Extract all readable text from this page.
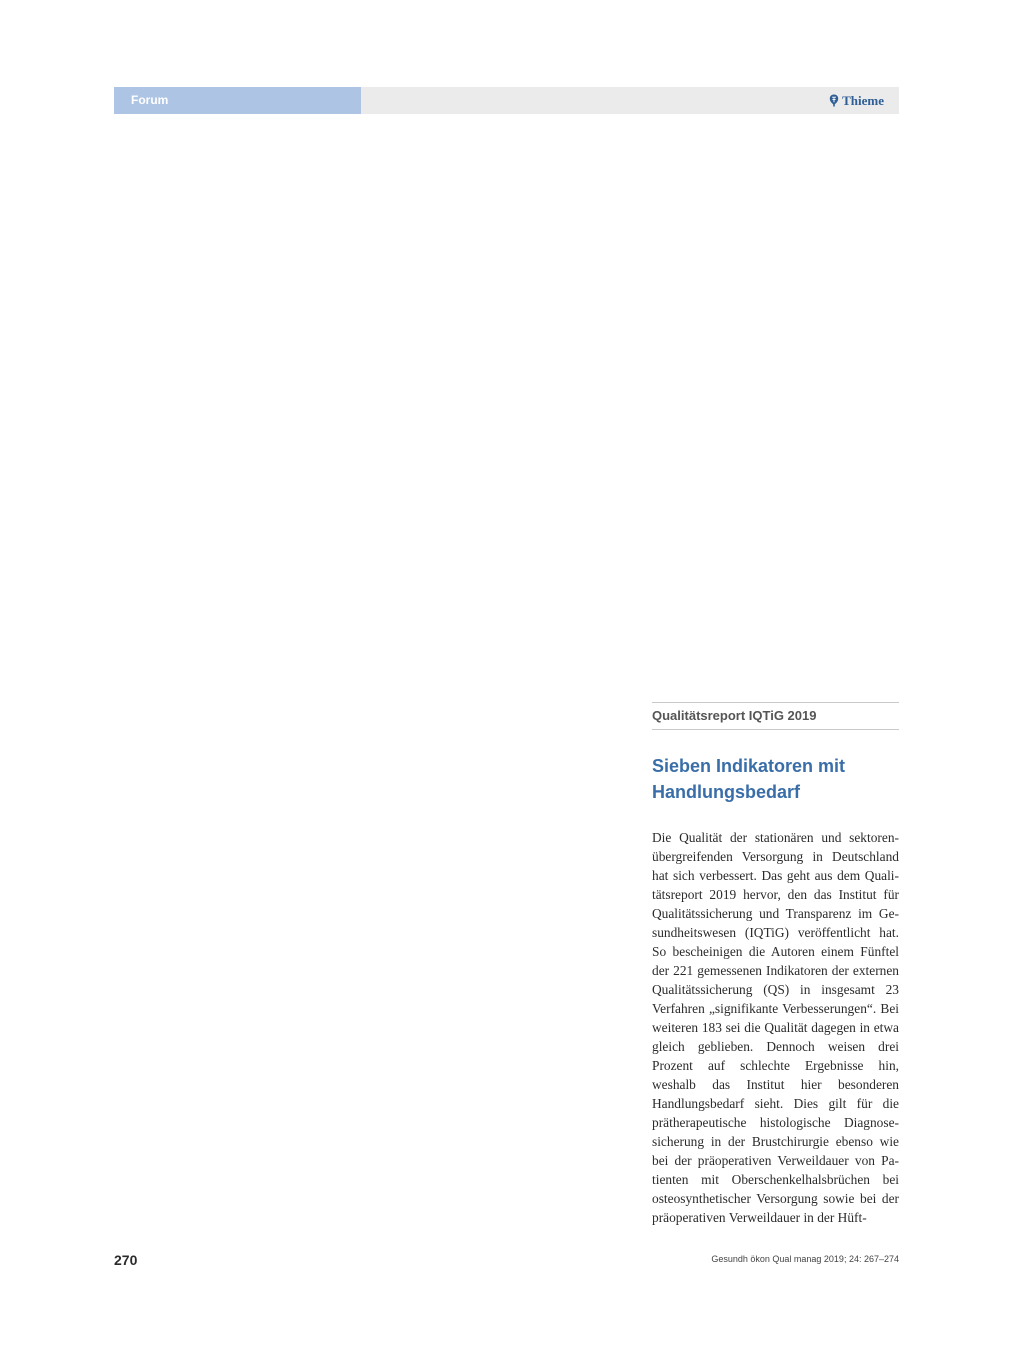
Forum	Thieme
Qualitätsreport IQTiG 2019
Sieben Indikatoren mit Handlungsbedarf

Die Qualität der stationären und sektorenübergreifenden Versorgung in Deutschland hat sich verbessert. Das geht aus dem Qualitätsreport 2019 hervor, den das Institut für Qualitätssicherung und Transparenz im Gesundheitswesen (IQTiG) veröffentlicht hat. So bescheinigen die Autoren einem Fünftel der 221 gemessenen Indikatoren der externen Qualitätssicherung (QS) in insgesamt 23 Verfahren „signifikante Verbesserungen“. Bei weiteren 183 sei die Qualität dagegen in etwa gleich geblieben. Dennoch weisen drei Prozent auf schlechte Ergebnisse hin, weshalb das Institut hier besonderen Handlungsbedarf sieht. Dies gilt für die prätherapeutische histologische Diagnosesicherung in der Brustchirurgie ebenso wie bei der präoperativen Verweildauer von Patienten mit Oberschenkelhalsbrüchen bei osteosynthetischer Versorgung sowie bei der präoperativen Verweildauer in der Hüft-

270	Gesundh ökon Qual manag 2019; 24: 267–274
